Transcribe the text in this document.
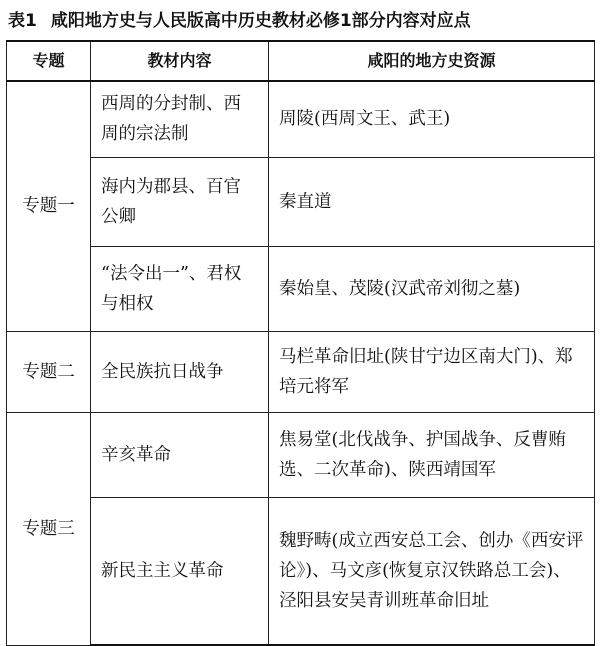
表1 咸阳地方史与人民版高中历史教材必修1部分内容对应点
专题	教材内容	咸阳的地方史资源
专题一	西周的分封制、西周的宗法制	周陵(西周文王、武王)
	海内为郡县、百官公卿	秦直道
	“法令出一”、君权与相权	秦始皇、茂陵(汉武帝刘彻之墓)
专题二	全民族抗日战争	马栏革命旧址(陕甘宁边区南大门)、郑培元将军
专题三	辛亥革命	焦易堂(北伐战争、护国战争、反曹贿选、二次革命)、陕西靖国军
	新民主主义革命	魏野畴(成立西安总工会、创办《西安评论》)、马文彦(恢复京汉铁路总工会)、泾阳县安吴青训班革命旧址
